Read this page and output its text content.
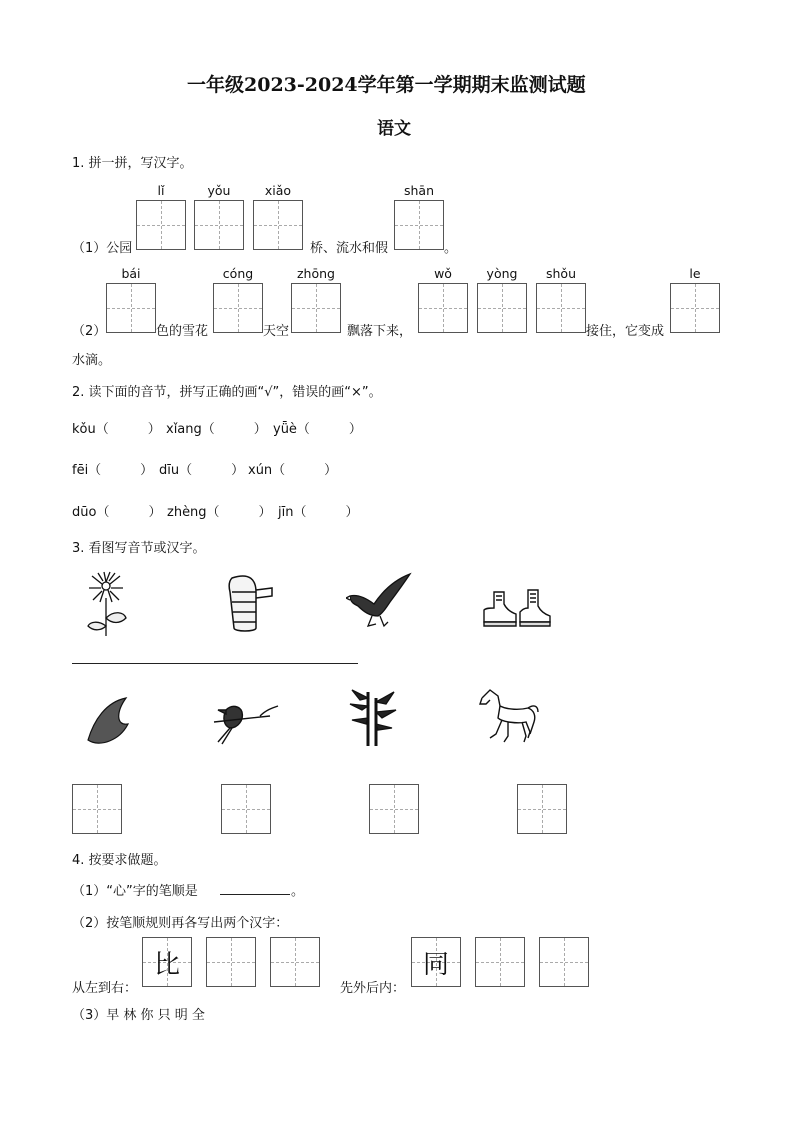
一年级2023-2024学年第一学期期末监测试题
语文
1. 拼一拼，写汉字。
lǐ	yǒu	xiǎo	shān
（1）公园	桥、流水和假	。
bái	cóng	zhōng	wǒ	yòng	shǒu	le
（2）	色的雪花	天空	飘落下来，	接住，它变成
水滴。
2. 读下面的音节，拼写正确的画“√”，错误的画“×”。
kǒu（　　　） xǐang（　　　） yǖè（　　　）
fēi（　　　） dīu（　　　） xún（　　　）
dūo（　　　） zhèng（　　　） jīn（　　　）
3. 看图写音节或汉字。
4. 按要求做题。
（1）“心”字的笔顺是	。
（2）按笔顺规则再各写出两个汉字：
从左到右：
比
先外后内：
同
（3）早 林 你 只 明 全
